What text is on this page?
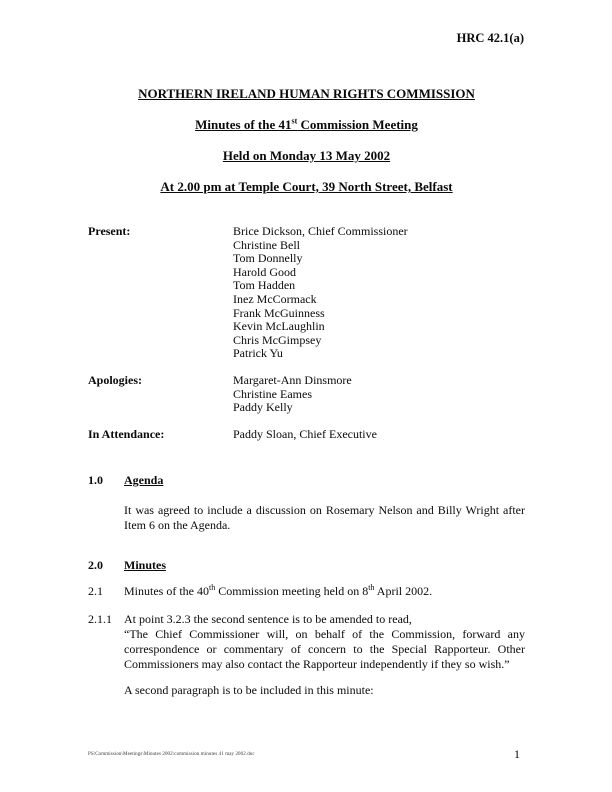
HRC 42.1(a)
NORTHERN IRELAND HUMAN RIGHTS COMMISSION
Minutes of the 41st Commission Meeting
Held on Monday 13 May 2002
At 2.00 pm at Temple Court, 39 North Street, Belfast
Present:	Brice Dickson, Chief Commissioner
Christine Bell
Tom Donnelly
Harold Good
Tom Hadden
Inez McCormack
Frank McGuinness
Kevin McLaughlin
Chris McGimpsey
Patrick Yu
Apologies:	Margaret-Ann Dinsmore
Christine Eames
Paddy Kelly
In Attendance:	Paddy Sloan, Chief Executive
1.0	Agenda
It was agreed to include a discussion on Rosemary Nelson and Billy Wright after Item 6 on the Agenda.
2.0	Minutes
2.1	Minutes of the 40th Commission meeting held on 8th April 2002.
2.1.1	At point 3.2.3 the second sentence is to be amended to read,
“The Chief Commissioner will, on behalf of the Commission, forward any correspondence or commentary of concern to the Special Rapporteur. Other Commissioners may also contact the Rapporteur independently if they so wish.”
A second paragraph is to be included in this minute:
PS\Commission\Meetings\Minutes 2002\commission minutes 41 may 2002.doc	1
